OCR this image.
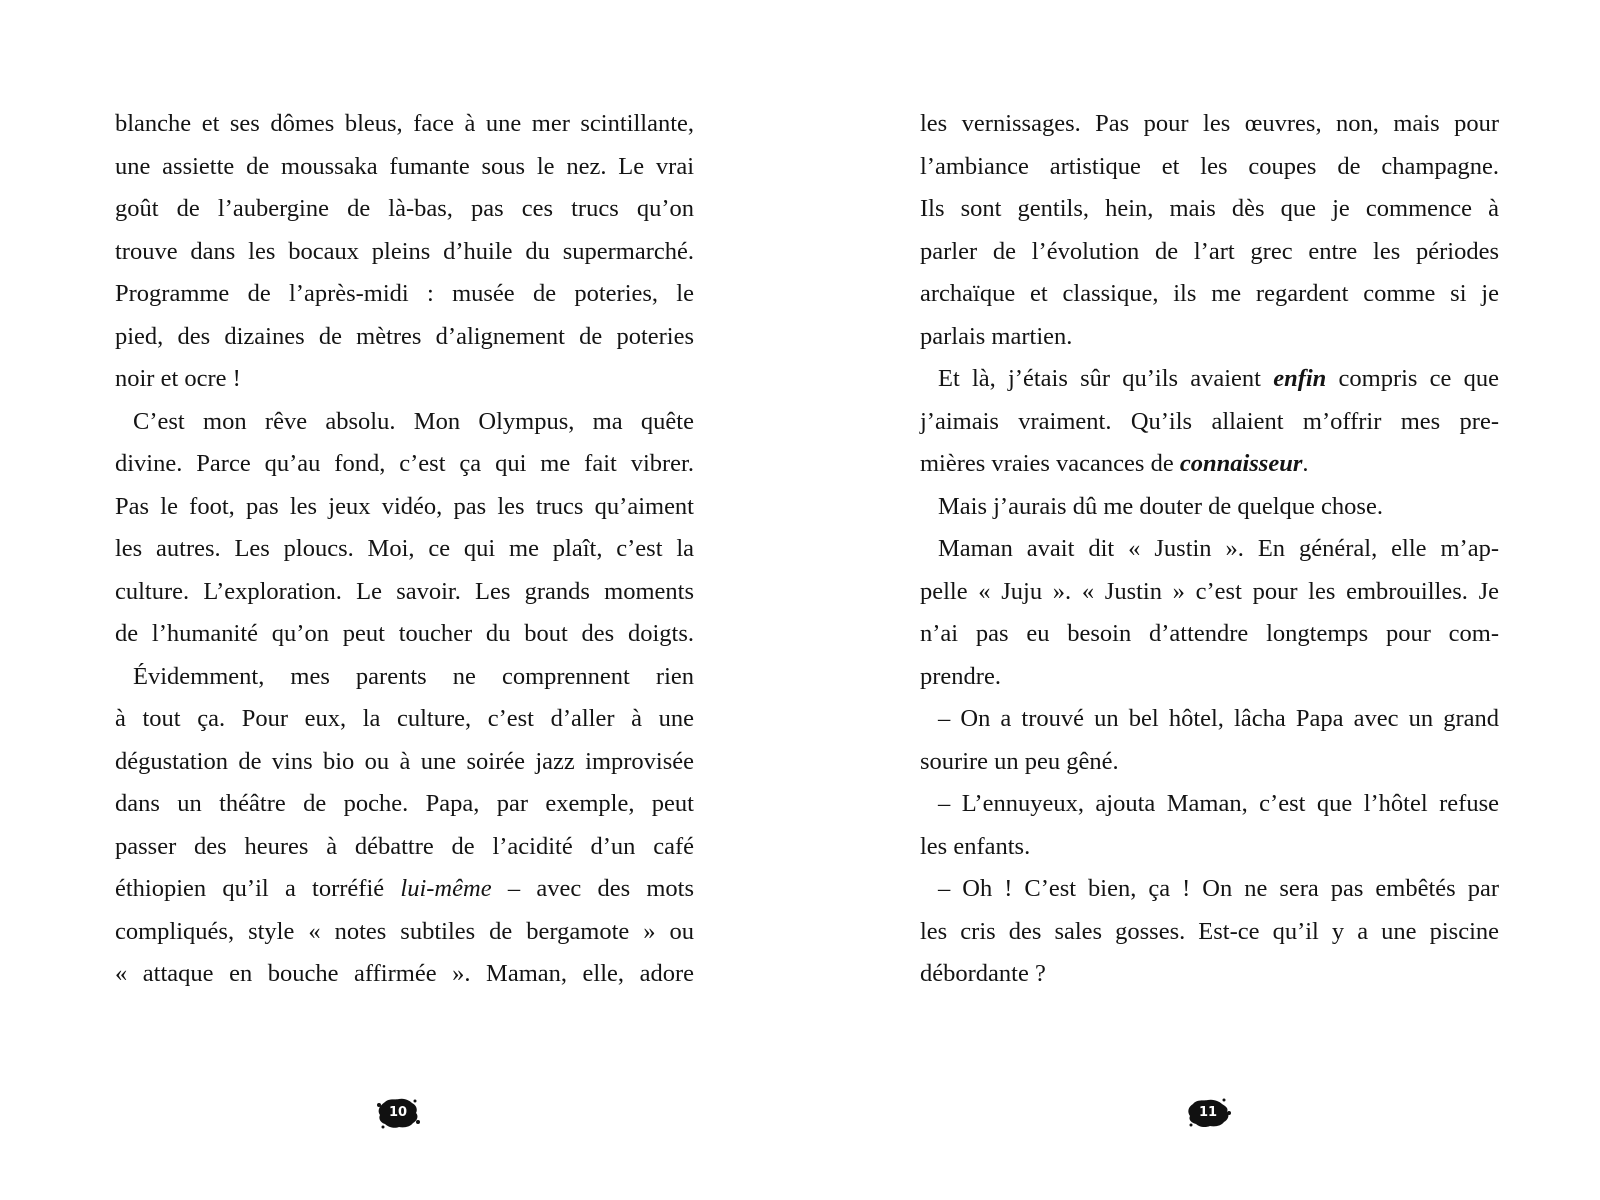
blanche et ses dômes bleus, face à une mer scintillante,
une assiette de moussaka fumante sous le nez. Le vrai
goût de l’aubergine de là-bas, pas ces trucs qu’on
trouve dans les bocaux pleins d’huile du supermarché.
Programme de l’après-midi : musée de poteries, le
pied, des dizaines de mètres d’alignement de poteries
noir et ocre !
C’est mon rêve absolu. Mon Olympus, ma quête
divine. Parce qu’au fond, c’est ça qui me fait vibrer.
Pas le foot, pas les jeux vidéo, pas les trucs qu’aiment
les autres. Les ploucs. Moi, ce qui me plaît, c’est la
culture. L’exploration. Le savoir. Les grands moments
de l’humanité qu’on peut toucher du bout des doigts.
Évidemment, mes parents ne comprennent rien
à tout ça. Pour eux, la culture, c’est d’aller à une
dégustation de vins bio ou à une soirée jazz improvisée
dans un théâtre de poche. Papa, par exemple, peut
passer des heures à débattre de l’acidité d’un café
éthiopien qu’il a torréfié lui-même – avec des mots
compliqués, style « notes subtiles de bergamote » ou
« attaque en bouche affirmée ». Maman, elle, adore
10
les vernissages. Pas pour les œuvres, non, mais pour
l’ambiance artistique et les coupes de champagne.
Ils sont gentils, hein, mais dès que je commence à
parler de l’évolution de l’art grec entre les périodes
archaïque et classique, ils me regardent comme si je
parlais martien.
Et là, j’étais sûr qu’ils avaient enfin compris ce que
j’aimais vraiment. Qu’ils allaient m’offrir mes pre-
mières vraies vacances de connaisseur.
Mais j’aurais dû me douter de quelque chose.
Maman avait dit « Justin ». En général, elle m’ap-
pelle « Juju ». « Justin » c’est pour les embrouilles. Je
n’ai pas eu besoin d’attendre longtemps pour com-
prendre.
– On a trouvé un bel hôtel, lâcha Papa avec un grand
sourire un peu gêné.
– L’ennuyeux, ajouta Maman, c’est que l’hôtel refuse
les enfants.
– Oh ! C’est bien, ça ! On ne sera pas embêtés par
les cris des sales gosses. Est-ce qu’il y a une piscine
débordante ?
11
